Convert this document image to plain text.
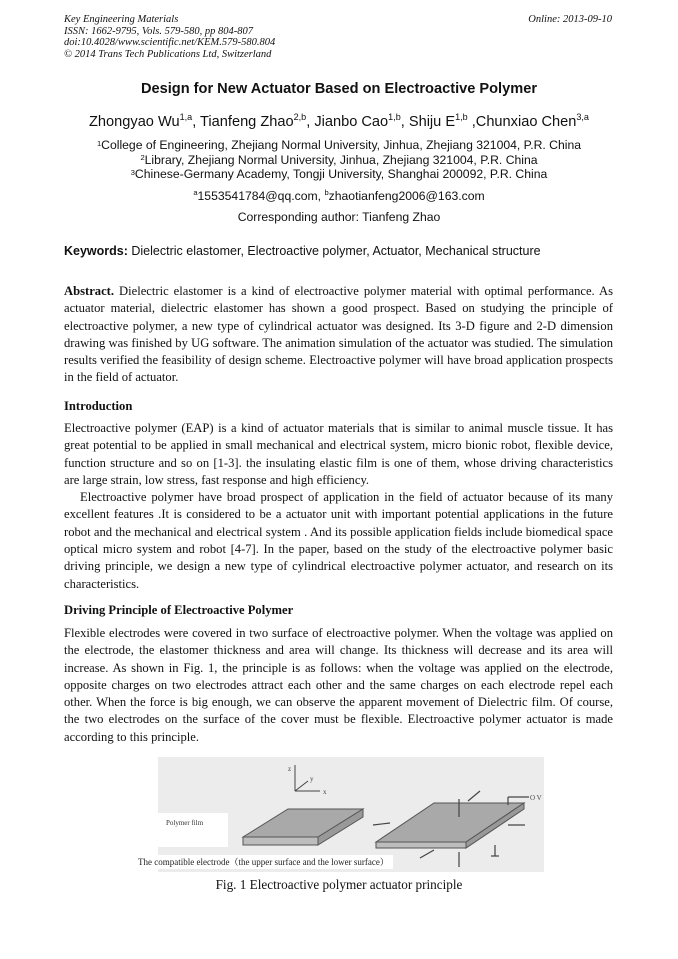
Key Engineering Materials
ISSN: 1662-9795, Vols. 579-580, pp 804-807
doi:10.4028/www.scientific.net/KEM.579-580.804
© 2014 Trans Tech Publications Ltd, Switzerland
Online: 2013-09-10
Design for New Actuator Based on Electroactive Polymer
Zhongyao Wu$^{1,a}$, Tianfeng Zhao$^{2,b}$, Jianbo Cao$^{1,b}$, Shiju E$^{1,b}$ ,Chunxiao Chen$^{3,a}$
$^1$College of Engineering, Zhejiang Normal University, Jinhua, Zhejiang 321004, P.R. China
$^2$Library, Zhejiang Normal University, Jinhua, Zhejiang 321004, P.R. China
$^3$Chinese-Germany Academy, Tongji University, Shanghai 200092, P.R. China
$^a$1553541784@qq.com, $^b$zhaotianfeng2006@163.com
Corresponding author: Tianfeng Zhao
Keywords: Dielectric elastomer, Electroactive polymer, Actuator, Mechanical structure

Abstract. Dielectric elastomer is a kind of electroactive polymer material with optimal performance. As actuator material, dielectric elastomer has shown a good prospect. Based on studying the principle of electroactive polymer, a new type of cylindrical actuator was designed. Its 3-D figure and 2-D dimension drawing was finished by UG software. The animation simulation of the actuator was studied. The simulation results verified the feasibility of design scheme. Electroactive polymer will have broad application prospects in the field of actuator.

Introduction

Electroactive polymer (EAP) is a kind of actuator materials that is similar to animal muscle tissue. It has great potential to be applied in small mechanical and electrical system, micro bionic robot, flexible device, function structure and so on [1-3]. the insulating elastic film is one of them, whose driving characteristics are large strain, low stress, fast response and high efficiency.

Electroactive polymer have broad prospect of application in the field of actuator because of its many excellent features .It is considered to be a actuator unit with important potential applications in the future robot and the mechanical and electrical system . And its possible application fields include biomedical space optical micro system and robot [4-7]. In the paper, based on the study of the electroactive polymer basic driving principle, we design a new type of cylindrical electroactive polymer actuator, and research on its characteristics.

Driving Principle of Electroactive Polymer

Flexible electrodes were covered in two surface of electroactive polymer. When the voltage was applied on the electrode, the elastomer thickness and area will change. Its thickness will decrease and its area will increase. As shown in Fig. 1, the principle is as follows: when the voltage was applied on the electrode, opposite charges on two electrodes attract each other and the same charges on each electrode repel each other. When the force is big enough, we can observe the apparent movement of Dielectric film. Of course, the two electrodes on the surface of the cover must be flexible. Electroactive polymer actuator is made according to this principle.

z
y
x
O V
Polymer film
The compatible electrode（the upper surface and the lower surface）
Fig. 1 Electroactive polymer actuator principle
